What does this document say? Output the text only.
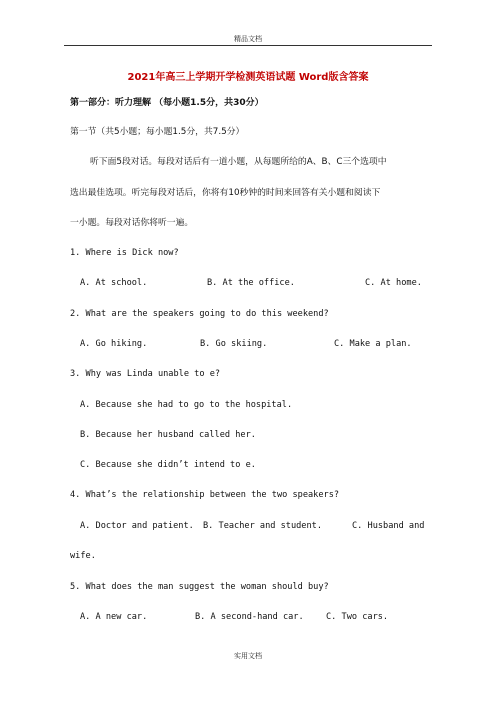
精品文档
2021年高三上学期开学检测英语试题 Word版含答案
第一部分：听力理解 （每小题1.5分，共30分）
第一节（共5小题；每小题1.5分，共7.5分）
听下面5段对话。每段对话后有一道小题，从每题所给的A、B、C三个选项中
选出最佳选项。听完每段对话后，你将有10秒钟的时间来回答有关小题和阅读下
一小题。每段对话你将听一遍。
1. Where is Dick now?
A. At school.	B. At the office.	C. At home.
2. What are the speakers going to do this weekend?
A. Go hiking.	B. Go skiing.	C. Make a plan.
3. Why was Linda unable to e?
A. Because she had to go to the hospital.
B. Because her husband called her.
C. Because she didn’t intend to e.
4. What’s the relationship between the two speakers?
A. Doctor and patient. B. Teacher and student.	C. Husband and
wife.
5. What does the man suggest the woman should buy?
A. A new car.	B. A second-hand car.	C. Two cars.
实用文档
